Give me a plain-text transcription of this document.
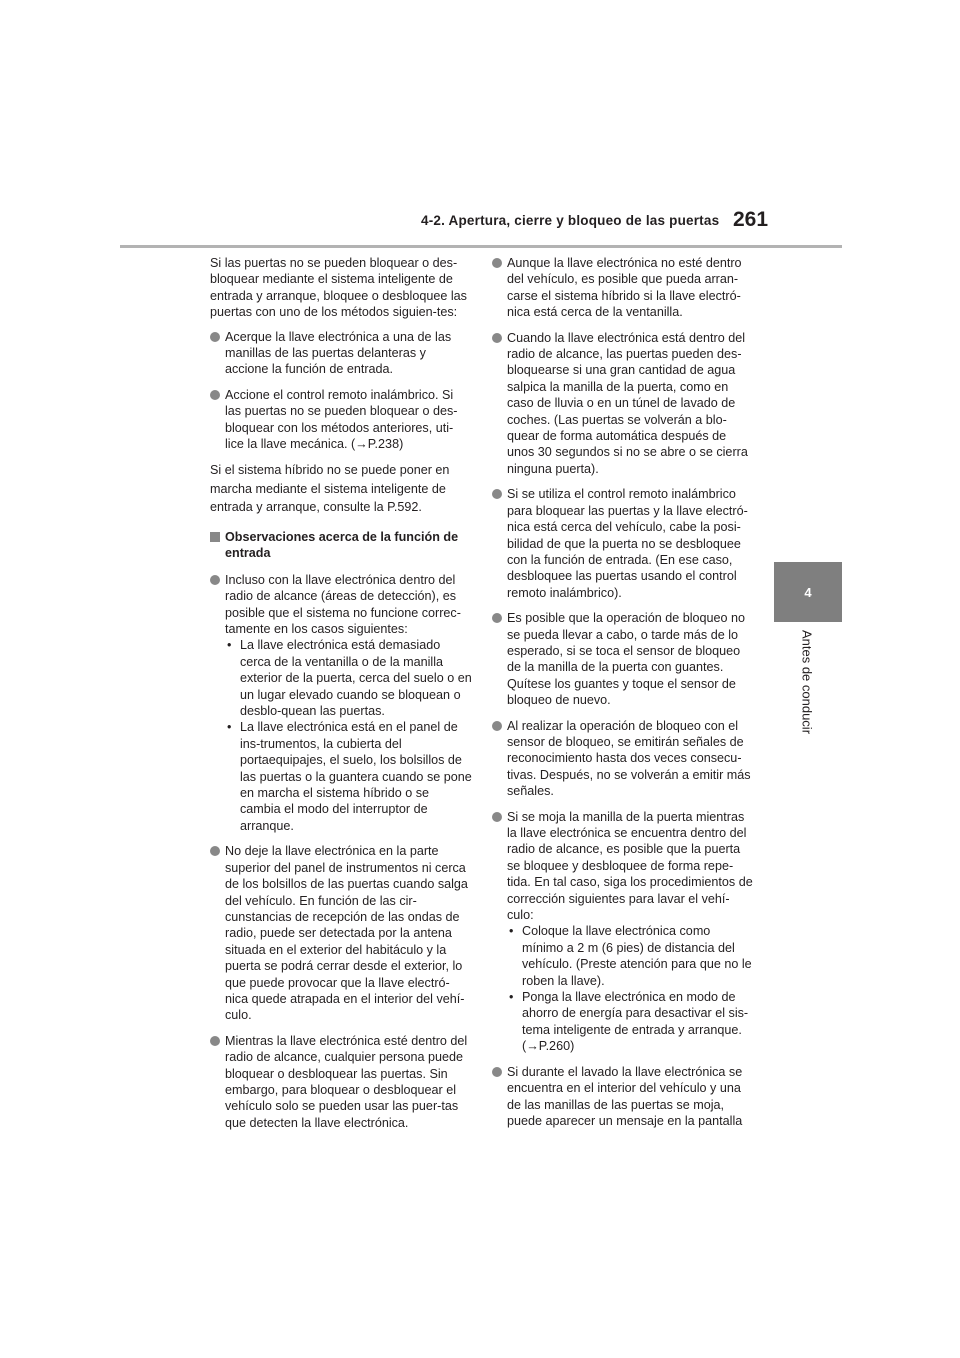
4-2. Apertura, cierre y bloqueo de las puertas 261
4
Antes de conducir

Si las puertas no se pueden bloquear o des-bloquear mediante el sistema inteligente de entrada y arranque, bloquee o desbloquee las puertas con uno de los métodos siguien-tes:

Acerque la llave electrónica a una de las manillas de las puertas delanteras y accione la función de entrada.
Accione el control remoto inalámbrico. Si las puertas no se pueden bloquear o des-bloquear con los métodos anteriores, uti-lice la llave mecánica. (→P.238)

Si el sistema híbrido no se puede poner en

marcha mediante el sistema inteligente de

entrada y arranque, consulte la P.592.

Observaciones acerca de la función de entrada
Incluso con la llave electrónica dentro del radio de alcance (áreas de detección), es posible que el sistema no funcione correc-tamente en los casos siguientes:
• La llave electrónica está demasiado cerca de la ventanilla o de la manilla exterior de la puerta, cerca del suelo o en un lugar elevado cuando se bloquean o desblo-quean las puertas.
• La llave electrónica está en el panel de ins-trumentos, la cubierta del portaequipajes, el suelo, los bolsillos de las puertas o la guantera cuando se pone en marcha el sistema híbrido o se cambia el modo del interruptor de arranque.
No deje la llave electrónica en la parte superior del panel de instrumentos ni cerca de los bolsillos de las puertas cuando salga del vehículo. En función de las cir-cunstancias de recepción de las ondas de radio, puede ser detectada por la antena situada en el exterior del habitáculo y la puerta se podrá cerrar desde el exterior, lo que puede provocar que la llave electró-nica quede atrapada en el interior del vehí-culo.
Mientras la llave electrónica esté dentro del radio de alcance, cualquier persona puede bloquear o desbloquear las puertas. Sin embargo, para bloquear o desbloquear el vehículo solo se pueden usar las puer-tas que detecten la llave electrónica.
Aunque la llave electrónica no esté dentro del vehículo, es posible que pueda arran-carse el sistema híbrido si la llave electró-nica está cerca de la ventanilla.
Cuando la llave electrónica está dentro del radio de alcance, las puertas pueden des-bloquearse si una gran cantidad de agua salpica la manilla de la puerta, como en caso de lluvia o en un túnel de lavado de coches. (Las puertas se volverán a blo-quear de forma automática después de unos 30 segundos si no se abre o se cierra ninguna puerta).
Si se utiliza el control remoto inalámbrico para bloquear las puertas y la llave electró-nica está cerca del vehículo, cabe la posi-bilidad de que la puerta no se desbloquee con la función de entrada. (En ese caso, desbloquee las puertas usando el control remoto inalámbrico).
Es posible que la operación de bloqueo no se pueda llevar a cabo, o tarde más de lo esperado, si se toca el sensor de bloqueo de la manilla de la puerta con guantes. Quítese los guantes y toque el sensor de bloqueo de nuevo.
Al realizar la operación de bloqueo con el sensor de bloqueo, se emitirán señales de reconocimiento hasta dos veces consecu-tivas. Después, no se volverán a emitir más señales.
Si se moja la manilla de la puerta mientras la llave electrónica se encuentra dentro del radio de alcance, es posible que la puerta se bloquee y desbloquee de forma repe-tida. En tal caso, siga los procedimientos de corrección siguientes para lavar el vehí-culo:
• Coloque la llave electrónica como mínimo a 2 m (6 pies) de distancia del vehículo. (Preste atención para que no le roben la llave).
• Ponga la llave electrónica en modo de ahorro de energía para desactivar el sis-tema inteligente de entrada y arranque. (→P.260)
Si durante el lavado la llave electrónica se encuentra en el interior del vehículo y una de las manillas de las puertas se moja, puede aparecer un mensaje en la pantalla
